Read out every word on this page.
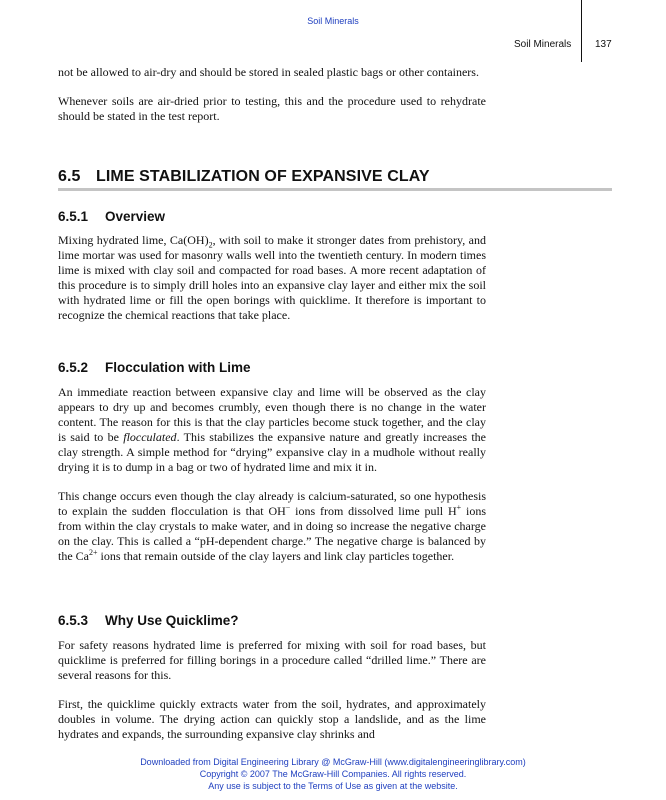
Soil Minerals
Soil Minerals 137

not be allowed to air-dry and should be stored in sealed plastic bags or other containers.

Whenever soils are air-dried prior to testing, this and the procedure used to rehydrate should be stated in the test report.

6.5 LIME STABILIZATION OF EXPANSIVE CLAY
6.5.1 Overview

Mixing hydrated lime, $Ca(OH)_2$, with soil to make it stronger dates from prehistory, and lime mortar was used for masonry walls well into the twentieth century. In modern times lime is mixed with clay soil and compacted for road bases. A more recent adaptation of this procedure is to simply drill holes into an expansive clay layer and either mix the soil with hydrated lime or fill the open borings with quicklime. It therefore is important to recognize the chemical reactions that take place.

6.5.2 Flocculation with Lime

An immediate reaction between expansive clay and lime will be observed as the clay appears to dry up and becomes crumbly, even though there is no change in the water content. The reason for this is that the clay particles become stuck together, and the clay is said to be flocculated. This stabilizes the expansive nature and greatly increases the clay strength. A simple method for “drying” expansive clay in a mudhole without really drying it is to dump in a bag or two of hydrated lime and mix it in.

This change occurs even though the clay already is calcium-saturated, so one hypothesis to explain the sudden flocculation is that OH− ions from dissolved lime pull H+ ions from within the clay crystals to make water, and in doing so increase the negative charge on the clay. This is called a “pH-dependent charge.” The negative charge is balanced by the $Ca^{2+}$ ions that remain outside of the clay layers and link clay particles together.

6.5.3 Why Use Quicklime?

For safety reasons hydrated lime is preferred for mixing with soil for road bases, but quicklime is preferred for filling borings in a procedure called “drilled lime.” There are several reasons for this.

First, the quicklime quickly extracts water from the soil, hydrates, and approximately doubles in volume. The drying action can quickly stop a landslide, and as the lime hydrates and expands, the surrounding expansive clay shrinks and

Downloaded from Digital Engineering Library @ McGraw-Hill (www.digitalengineeringlibrary.com)
Copyright © 2007 The McGraw-Hill Companies. All rights reserved.
Any use is subject to the Terms of Use as given at the website.
